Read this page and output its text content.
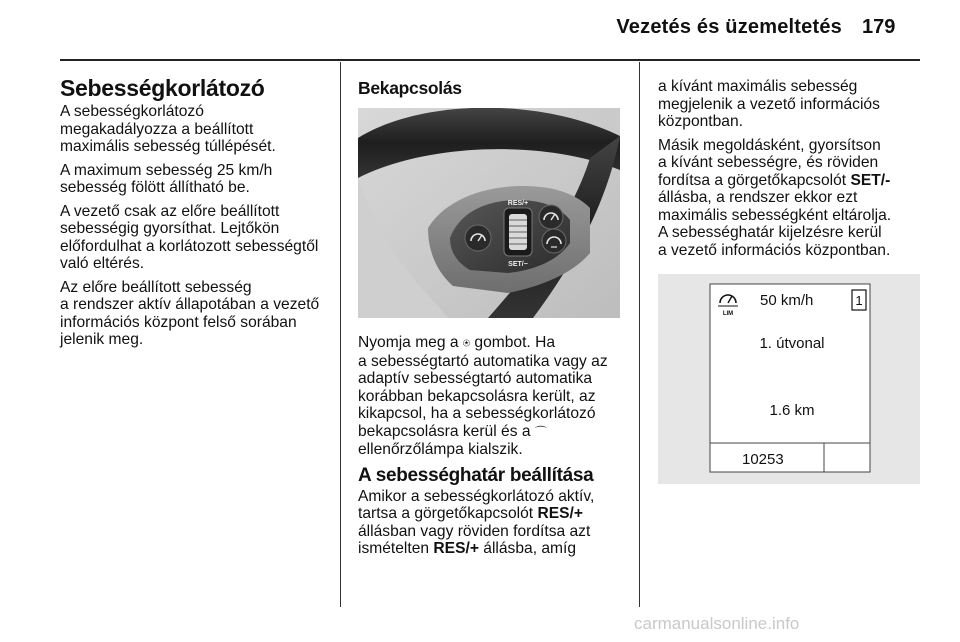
Vezetés és üzemeltetés 179
Sebességkorlátozó

A sebességkorlátozó
megakadályozza a beállított
maximális sebesség túllépését.

A maximum sebesség 25 km/h
sebesség fölött állítható be.

A vezető csak az előre beállított
sebességig gyorsíthat. Lejtőkön
előfordulhat a korlátozott sebességtől
való eltérés.

Az előre beállított sebesség
a rendszer aktív állapotában a vezető
információs központ felső sorában
jelenik meg.

Bekapcsolás
RES/+
SET/−

Nyomja meg a ⍟ gombot. Ha
a sebességtartó automatika vagy az
adaptív sebességtartó automatika
korábban bekapcsolásra került, az
kikapcsol, ha a sebességkorlátozó
bekapcsolásra kerül és a ⌒
ellenőrzőlámpa kialszik.

A sebességhatár beállítása

Amikor a sebességkorlátozó aktív,
tartsa a görgetőkapcsolót RES/+
állásban vagy röviden fordítsa azt
ismételten RES/+ állásba, amíg

a kívánt maximális sebesség
megjelenik a vezető információs
központban.

Másik megoldásként, gyorsítson
a kívánt sebességre, és röviden
fordítsa a görgetőkapcsolót SET/-
állásba, a rendszer ekkor ezt
maximális sebességként eltárolja.
A sebességhatár kijelzésre kerül
a vezető információs központban.

LIM
50 km/h	1
1. útvonal
1.6 km
10253
carmanualsonline.info
